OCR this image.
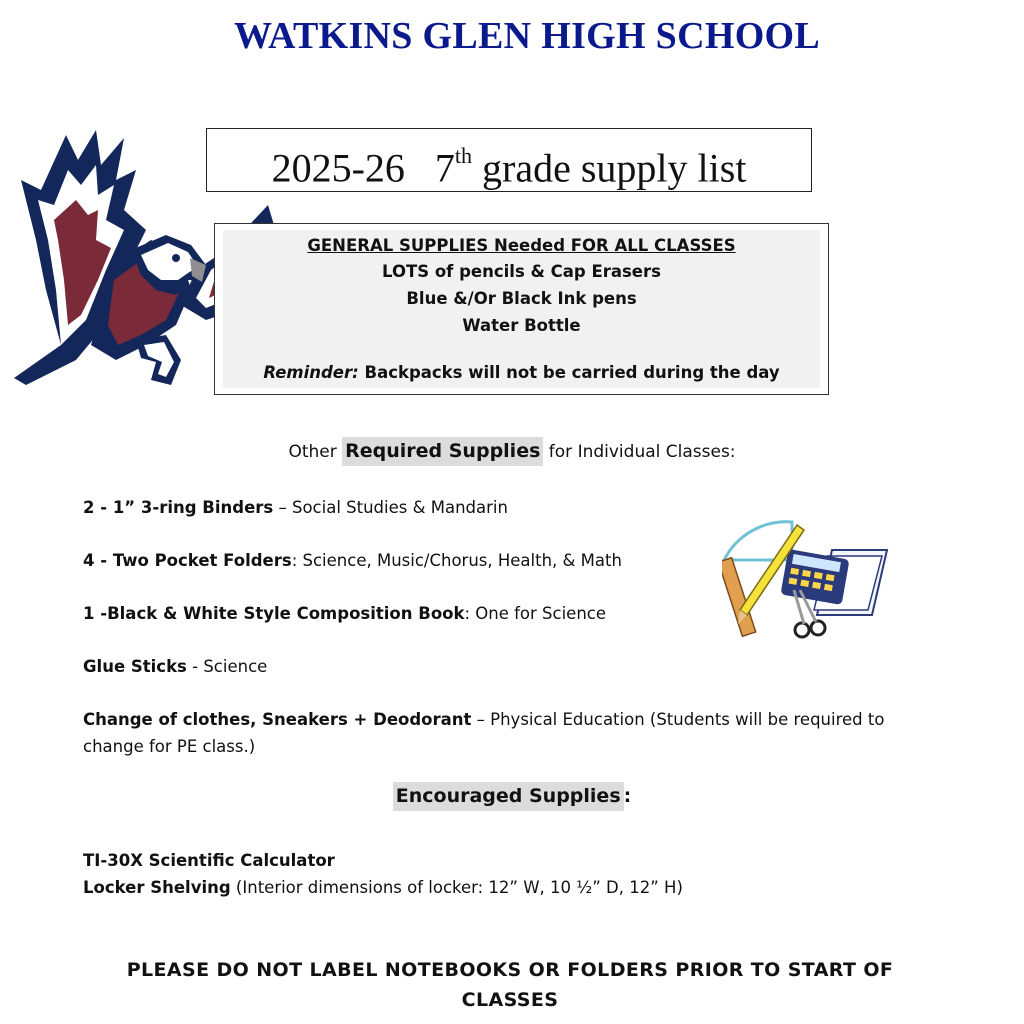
WATKINS GLEN HIGH SCHOOL
2025-26 7th grade supply list
GENERAL SUPPLIES Needed FOR ALL CLASSES
LOTS of pencils & Cap Erasers
Blue &/Or Black Ink pens
Water Bottle
Reminder: Backpacks will not be carried during the day
Other Required Supplies for Individual Classes:
2 - 1” 3-ring Binders – Social Studies & Mandarin
4 - Two Pocket Folders: Science, Music/Chorus, Health, & Math
1 -Black & White Style Composition Book: One for Science
Glue Sticks - Science
Change of clothes, Sneakers + Deodorant – Physical Education (Students will be required to change for PE class.)
Encouraged Supplies :
TI-30X Scientific Calculator
Locker Shelving (Interior dimensions of locker: 12” W, 10 ½” D, 12” H)
PLEASE DO NOT LABEL NOTEBOOKS OR FOLDERS PRIOR TO START OF CLASSES
